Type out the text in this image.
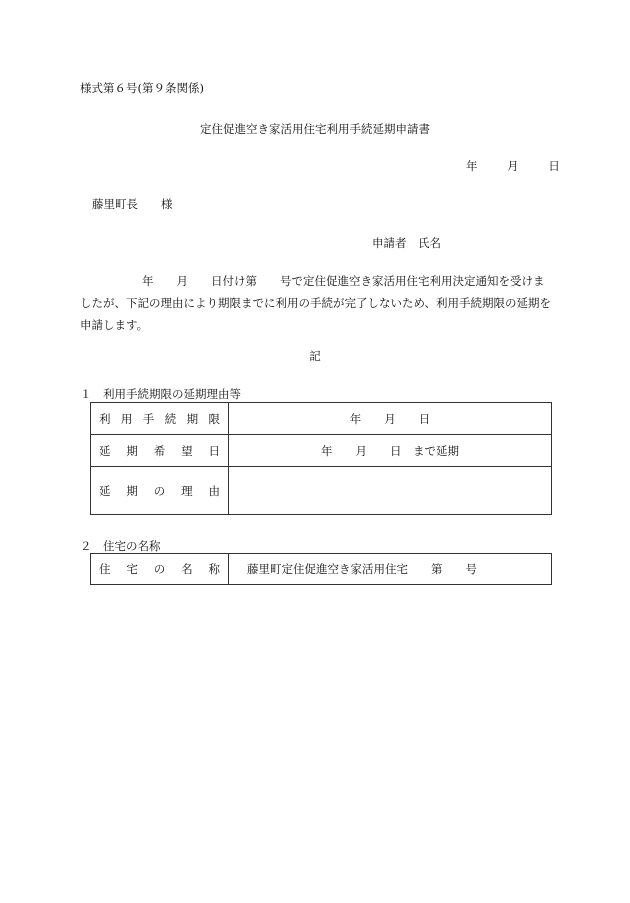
様式第６号(第９条関係)
定住促進空き家活用住宅利用手続延期申請書
年	月	日
藤里町長　　様
申請者　氏名
年　　月　　日付け第　　号で定住促進空き家活用住宅利用決定通知を受けましたが、下記の理由により期限までに利用の手続が完了しないため、利用手続期限の延期を申請します。
記
１　利用手続期限の延期理由等
利用手続期限	年　　月　　日
延期希望日	年　　月　　日　まで延期
延期の理由	
２　住宅の名称
住宅の名称	藤里町定住促進空き家活用住宅　　第　　号
